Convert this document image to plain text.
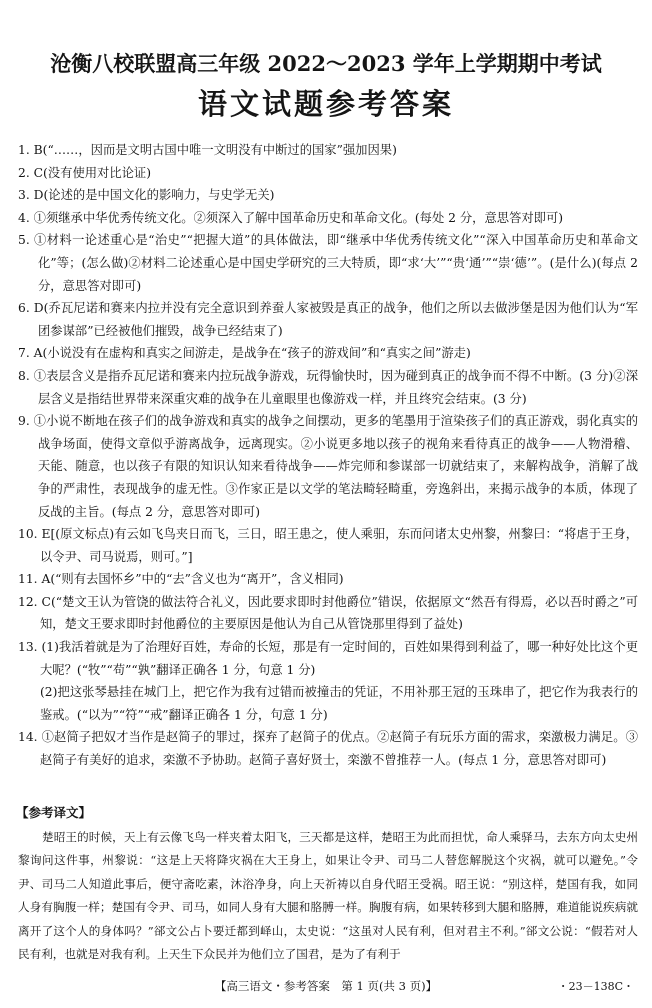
沧衡八校联盟高三年级 2022～2023 学年上学期期中考试
语文试题参考答案

1. B(“……，因而是文明古国中唯一文明没有中断过的国家”强加因果)

2. C(没有使用对比论证)

3. D(论述的是中国文化的影响力，与史学无关)

4. ①须继承中华优秀传统文化。②须深入了解中国革命历史和革命文化。(每处 2 分，意思答对即可)

5. ①材料一论述重心是“治史”“把握大道”的具体做法，即“继承中华优秀传统文化”“深入中国革命历史和革命文化”等；(怎么做)②材料二论述重心是中国史学研究的三大特质，即“求‘大’”“贵‘通’”“崇‘德’”。(是什么)(每点 2 分，意思答对即可)

6. D(乔瓦尼诺和赛来内拉并没有完全意识到养蚕人家被毁是真正的战争，他们之所以去做涉堡是因为他们认为“军团参谋部”已经被他们摧毁，战争已经结束了)

7. A(小说没有在虚构和真实之间游走，是战争在“孩子的游戏间”和“真实之间”游走)

8. ①表层含义是指乔瓦尼诺和赛来内拉玩战争游戏，玩得愉快时，因为碰到真正的战争而不得不中断。(3 分)②深层含义是指结世界带来深重灾难的战争在儿童眼里也像游戏一样，并且终究会结束。(3 分)

9. ①小说不断地在孩子们的战争游戏和真实的战争之间摆动，更多的笔墨用于渲染孩子们的真正游戏，弱化真实的战争场面，使得文章似乎游离战争，远离现实。②小说更多地以孩子的视角来看待真正的战争——人物滑稽、天能、随意，也以孩子有限的知识认知来看待战争——炸完师和参谋部一切就结束了，来解构战争，消解了战争的严肃性，表现战争的虚无性。③作家正是以文学的笔法畸轻畸重，旁逸斜出，来揭示战争的本质，体现了反战的主旨。(每点 2 分，意思答对即可)

10. E[(原文标点)有云如飞鸟夹日而飞，三日，昭王患之，使人乘驲，东而问诸太史州黎，州黎曰：“将虐于王身，以令尹、司马说焉，则可。”]

11. A(“则有去国怀乡”中的“去”含义也为“离开”，含义相同)

12. C(“楚文王认为管饶的做法符合礼义，因此要求即时封他爵位”错误，依据原文“然吾有得焉，必以吾时爵之”可知，楚文王要求即时封他爵位的主要原因是他认为自己从管饶那里得到了益处)

13. (1)我活着就是为了治理好百姓，寿命的长短，那是有一定时间的，百姓如果得到利益了，哪一种好处比这个更大呢？(“牧”“苟”“孰”翻译正确各 1 分，句意 1 分)

(2)把这张琴悬挂在城门上，把它作为我有过错而被撞击的凭证，不用补那王冠的玉珠串了，把它作为我表行的鉴戒。(“以为”“符”“戒”翻译正确各 1 分，句意 1 分)

14. ①赵简子把奴才当作是赵简子的罪过，探弃了赵简子的优点。②赵简子有玩乐方面的需求，栾激极力满足。③赵简子有美好的追求，栾激不予协助。赵简子喜好贤士，栾激不曾推荐一人。(每点 1 分，意思答对即可)

【参考译文】
楚昭王的时候，天上有云像飞鸟一样夹着太阳飞，三天都是这样，楚昭王为此而担忧，命人乘驿马，去东方向太史州黎询问这件事，州黎说：“这是上天将降灾祸在大王身上，如果让令尹、司马二人替您解脱这个灾祸，就可以避免。”令尹、司马二人知道此事后，便守斋吃素，沐浴净身，向上天祈祷以自身代昭王受祸。昭王说：“别这样，楚国有我，如同人身有胸腹一样；楚国有令尹、司马，如同人身有大腿和胳膊一样。胸腹有病，如果转移到大腿和胳膊，难道能说疾病就离开了这个人的身体吗？”郤文公占卜要迁都到峄山，太史说：“这虽对人民有利，但对君主不利。”郤文公说：“假若对人民有利，也就是对我有利。上天生下众民并为他们立了国君，是为了有利于
【高三语文・参考答案　第 1 页(共 3 页)】	・23－138C・
